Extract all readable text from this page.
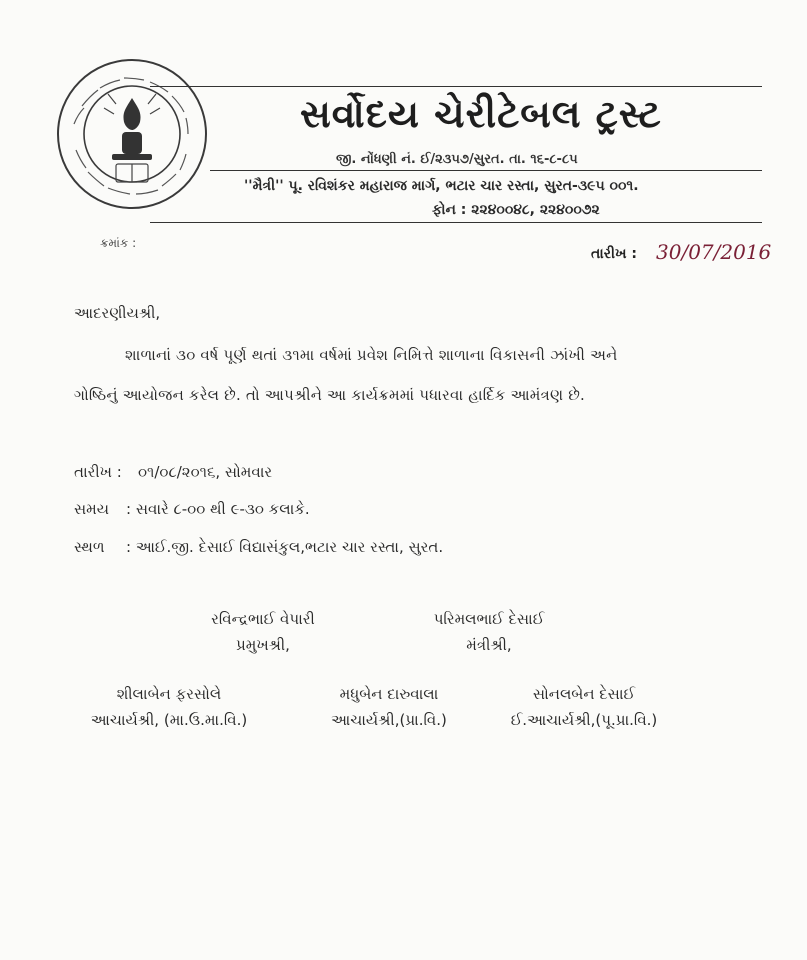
સર્વોદય ચેરીટેબલ ટ્રસ્ટ
જી. નોંધણી નં. ઈ/૨૩૫૭/સુરત. તા. ૧૬-૮-૮૫
''મૈત્રી'' પૂ. રવિશંકર મહારાજ માર્ગ, ભટાર ચાર રસ્તા, સુરત-૩૯૫ ૦૦૧.
ફોન : ૨૨૪૦૦૪૮, ૨૨૪૦૦૭૨
ક્રમાંક :
તારીખ : 30/07/2016
આદરણીયશ્રી,
શાળાનાં ૩૦ વર્ષ પૂર્ણ થતાં ૩૧મા વર્ષમાં પ્રવેશ નિમિત્તે શાળાના વિકાસની ઝાંખી અને
ગોષ્ઠિનું આયોજન કરેલ છે. તો આપશ્રીને આ કાર્યક્રમમાં પધારવા હાર્દિક આમંત્રણ છે.
તારીખ : ૦૧/૦૮/૨૦૧૬, સોમવાર
સમય : સવારે ૮-૦૦ થી ૯-૩૦ કલાકે.
સ્થળ : આઈ.જી. દેસાઈ વિદ્યાસંકુલ,ભટાર ચાર રસ્તા, સુરત.
રવિન્દ્રભાઈ વેપારી
પ્રમુખશ્રી,
પરિમલભાઈ દેસાઈ
મંત્રીશ્રી,
શીલાબેન ફરસોલે
આચાર્યશ્રી, (મા.ઉ.મા.વિ.)
મધુબેન દારુવાલા
આચાર્યશ્રી,(પ્રા.વિ.)
સોનલબેન દેસાઈ
ઈ.આચાર્યશ્રી,(પૂ.પ્રા.વિ.)
